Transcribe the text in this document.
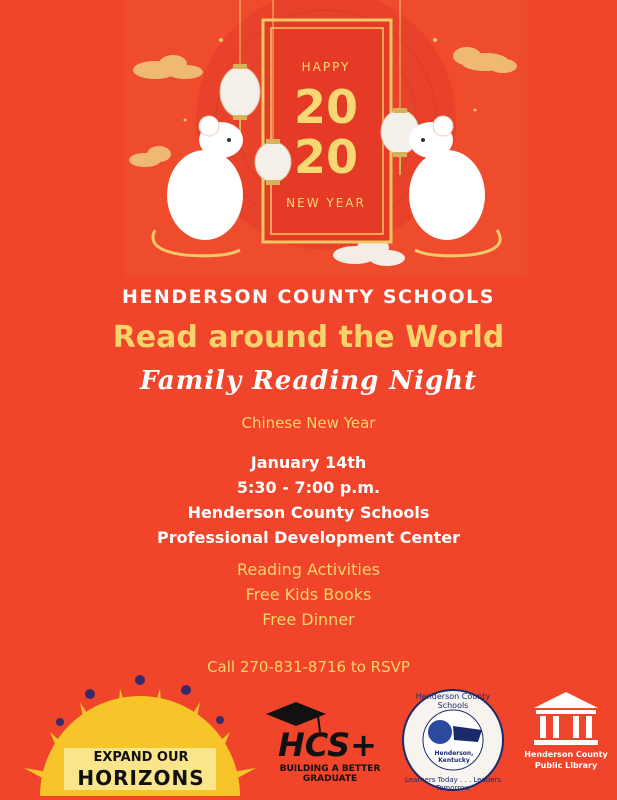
HAPPY
20
20
NEW YEAR
HENDERSON COUNTY SCHOOLS
Read around the World
Family Reading Night
Chinese New Year
January 14th
5:30 - 7:00 p.m.
Henderson County Schools
Professional Development Center
Reading Activities
Free Kids Books
Free Dinner
Call 270-831-8716 to RSVP
EXPAND OUR
HORIZONS
HCS+
BUILDING A BETTER GRADUATE
Henderson County Schools
Henderson, Kentucky
Learners Today . . . Leaders Tomorrow
Henderson County
Public Library
